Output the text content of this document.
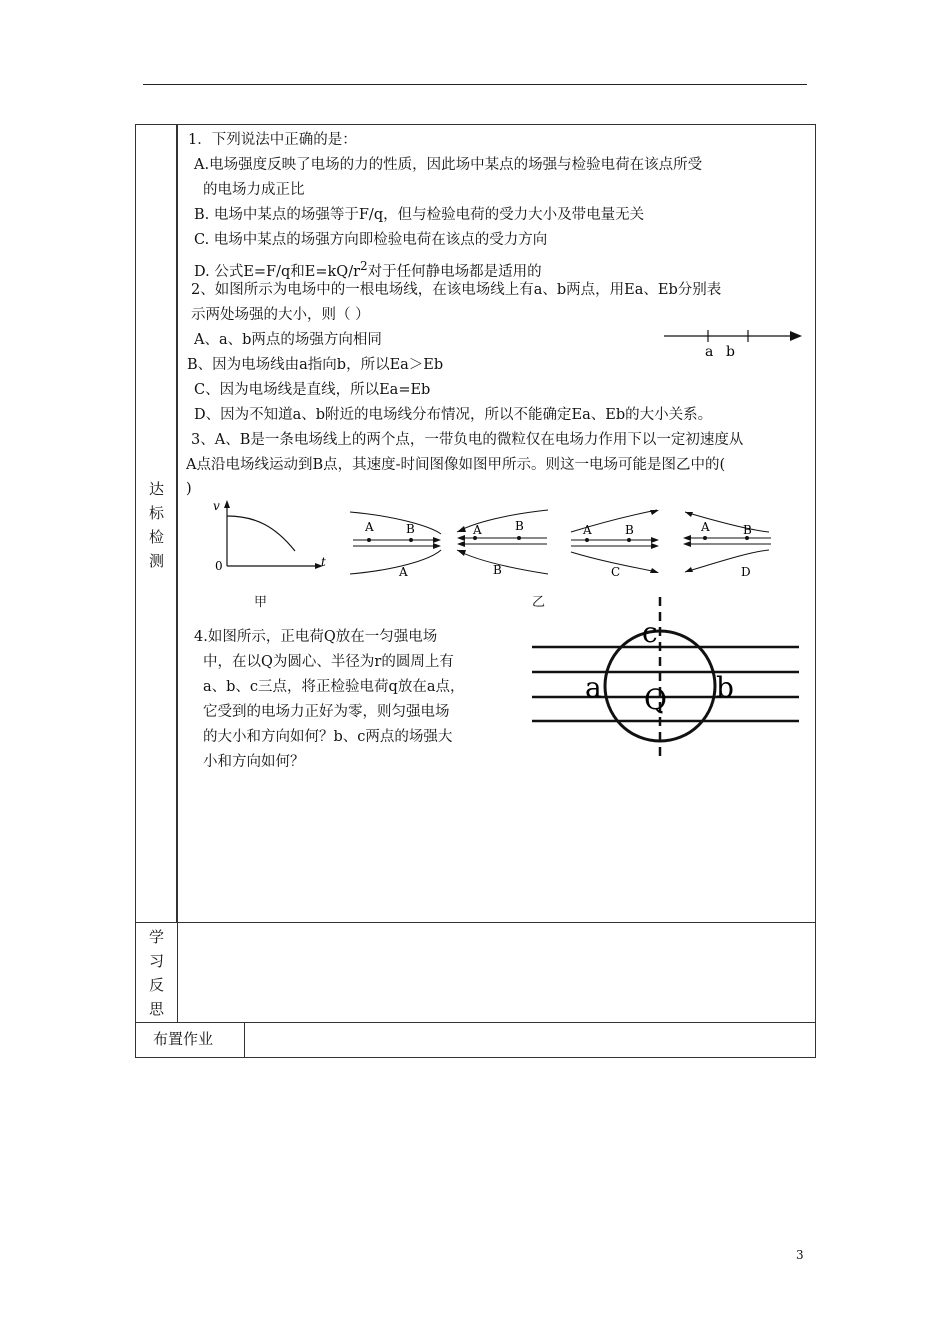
达
标
检
测		

学
习
反
思		

布置作业		

1．下列说法中正确的是：
A.电场强度反映了电场的力的性质，因此场中某点的场强与检验电荷在该点所受
的电场力成正比
B. 电场中某点的场强等于F/q，但与检验电荷的受力大小及带电量无关
C. 电场中某点的场强方向即检验电荷在该点的受力方向
D. 公式E=F/q和$E=kQ/r^2$对于任何静电场都是适用的
2、如图所示为电场中的一根电场线，在该电场线上有a、b两点，用Ea、Eb分别表
示两处场强的大小，则（ ）
A、a、b两点的场强方向相同
B、因为电场线由a指向b，所以Ea＞Eb
C、因为电场线是直线，所以Ea=Eb
D、因为不知道a、b附近的电场线分布情况，所以不能确定Ea、Eb的大小关系。
a b
3、A、B是一条电场线上的两个点，一带负电的微粒仅在电场力作用下以一定初速度从
A点沿电场线运动到B点，其速度-时间图像如图甲所示。则这一电场可能是图乙中的(
)
v
t
0
甲
A	B
A
A	B
B
A	B
C
A	B
D
乙
4.如图所示，正电荷Q放在一匀强电场
中，在以Q为圆心、半径为r的圆周上有
a、b、c三点，将正检验电荷q放在a点，
它受到的电场力正好为零，则匀强电场
的大小和方向如何？b、c两点的场强大
小和方向如何？
c
a	b
Q
3
